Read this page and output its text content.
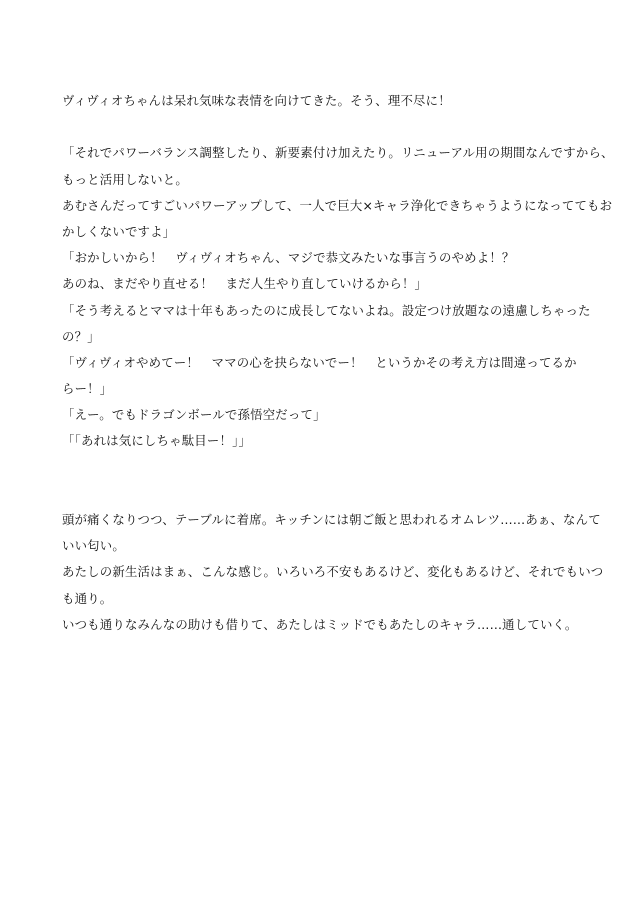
ヴィヴィオちゃんは呆れ気味な表情を向けてきた。そう、理不尽に！
「それでパワーバランス調整したり、新要素付け加えたり。リニューアル用の期間なんですから、
もっと活用しないと。
あむさんだってすごいパワーアップして、一人で巨大×キャラ浄化できちゃうようになっててもお
かしくないですよ」
「おかしいから！　ヴィヴィオちゃん、マジで恭文みたいな事言うのやめよ！？
あのね、まだやり直せる！　まだ人生やり直していけるから！」
「そう考えるとママは十年もあったのに成長してないよね。設定つけ放題なの遠慮しちゃった
の？」
「ヴィヴィオやめてー！　ママの心を抉らないでー！　というかその考え方は間違ってるか
らー！」
「えー。でもドラゴンボールで孫悟空だって」
「「あれは気にしちゃ駄目ー！」」
頭が痛くなりつつ、テーブルに着席。キッチンには朝ご飯と思われるオムレツ……あぁ、なんて
いい匂い。
あたしの新生活はまぁ、こんな感じ。いろいろ不安もあるけど、変化もあるけど、それでもいつ
も通り。
いつも通りなみんなの助けも借りて、あたしはミッドでもあたしのキャラ……通していく。
